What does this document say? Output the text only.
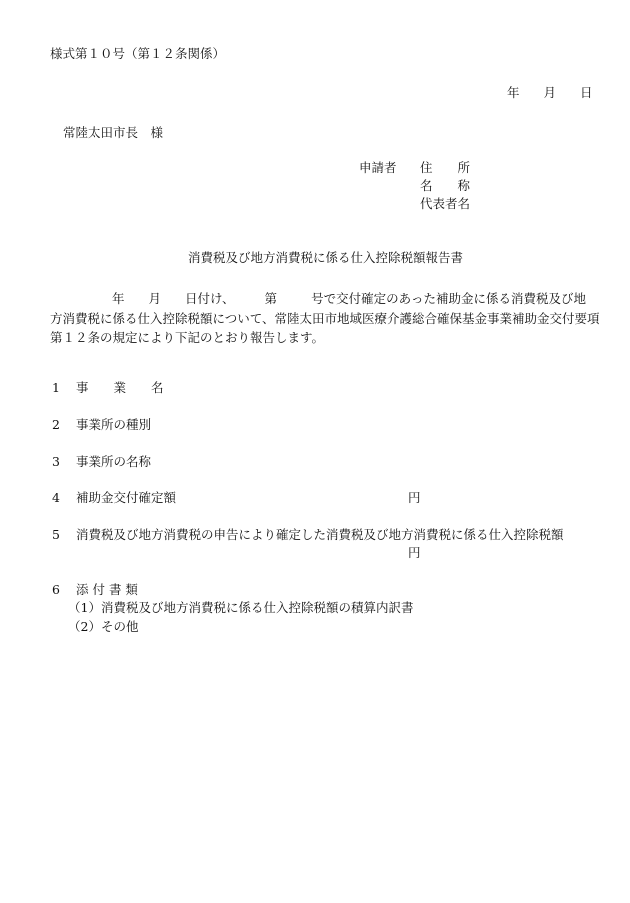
様式第１０号（第１２条関係）
年 月 日
常陸太田市長　様
申請者 住　　所
名　　称
代表者名
消費税及び地方消費税に係る仕入控除税額報告書
年 月 日付け、 第	号で交付確定のあった補助金に係る消費税及び地
方消費税に係る仕入控除税額について、常陸太田市地域医療介護総合確保基金事業補助金交付要項
第１２条の規定により下記のとおり報告します。
1 事　　業　　名
2 事業所の種別
3 事業所の名称
4 補助金交付確定額	円
5 消費税及び地方消費税の申告により確定した消費税及び地方消費税に係る仕入控除税額
円
6 添 付 書 類
（1）消費税及び地方消費税に係る仕入控除税額の積算内訳書
（2）その他
